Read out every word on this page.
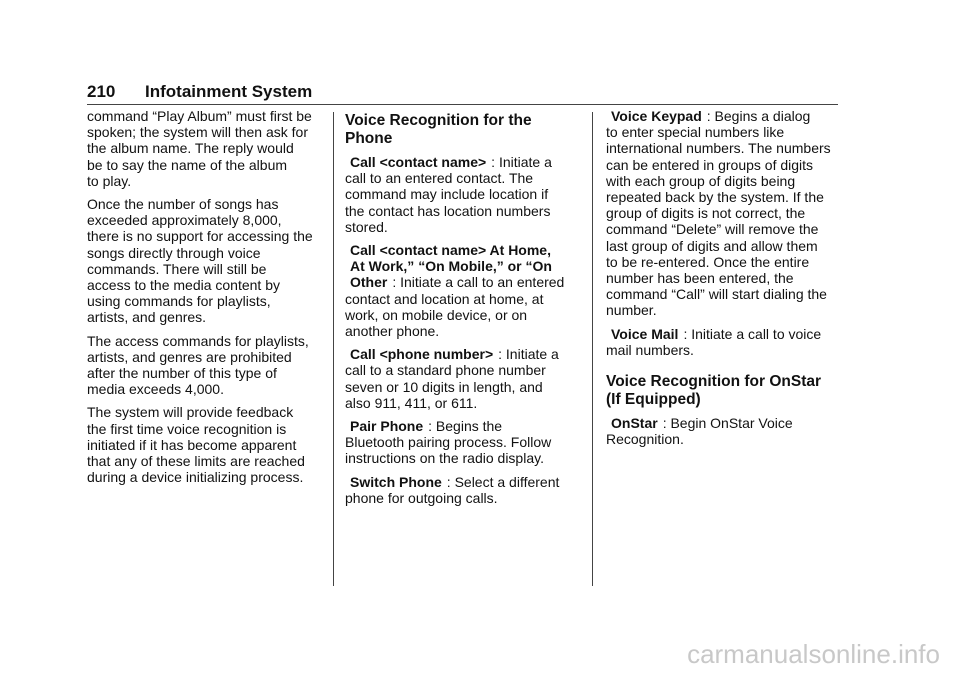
210 Infotainment System

command “Play Album” must first be
spoken; the system will then ask for
the album name. The reply would
be to say the name of the album
to play.

Once the number of songs has
exceeded approximately 8,000,
there is no support for accessing the
songs directly through voice
commands. There will still be
access to the media content by
using commands for playlists,
artists, and genres.

The access commands for playlists,
artists, and genres are prohibited
after the number of this type of
media exceeds 4,000.

The system will provide feedback
the first time voice recognition is
initiated if it has become apparent
that any of these limits are reached
during a device initializing process.

Voice Recognition for the
Phone

Call <contact name> : Initiate a
call to an entered contact. The
command may include location if
the contact has location numbers
stored.

Call <contact name> At Home,
At Work,” “On Mobile,” or “On
Other : Initiate a call to an entered
contact and location at home, at
work, on mobile device, or on
another phone.

Call <phone number> : Initiate a
call to a standard phone number
seven or 10 digits in length, and
also 911, 411, or 611.

Pair Phone : Begins the
Bluetooth pairing process. Follow
instructions on the radio display.

Switch Phone : Select a different
phone for outgoing calls.

Voice Keypad : Begins a dialog
to enter special numbers like
international numbers. The numbers
can be entered in groups of digits
with each group of digits being
repeated back by the system. If the
group of digits is not correct, the
command “Delete” will remove the
last group of digits and allow them
to be re-entered. Once the entire
number has been entered, the
command “Call” will start dialing the
number.

Voice Mail : Initiate a call to voice
mail numbers.

Voice Recognition for OnStar
(If Equipped)

OnStar : Begin OnStar Voice
Recognition.

carmanualsonline.info
